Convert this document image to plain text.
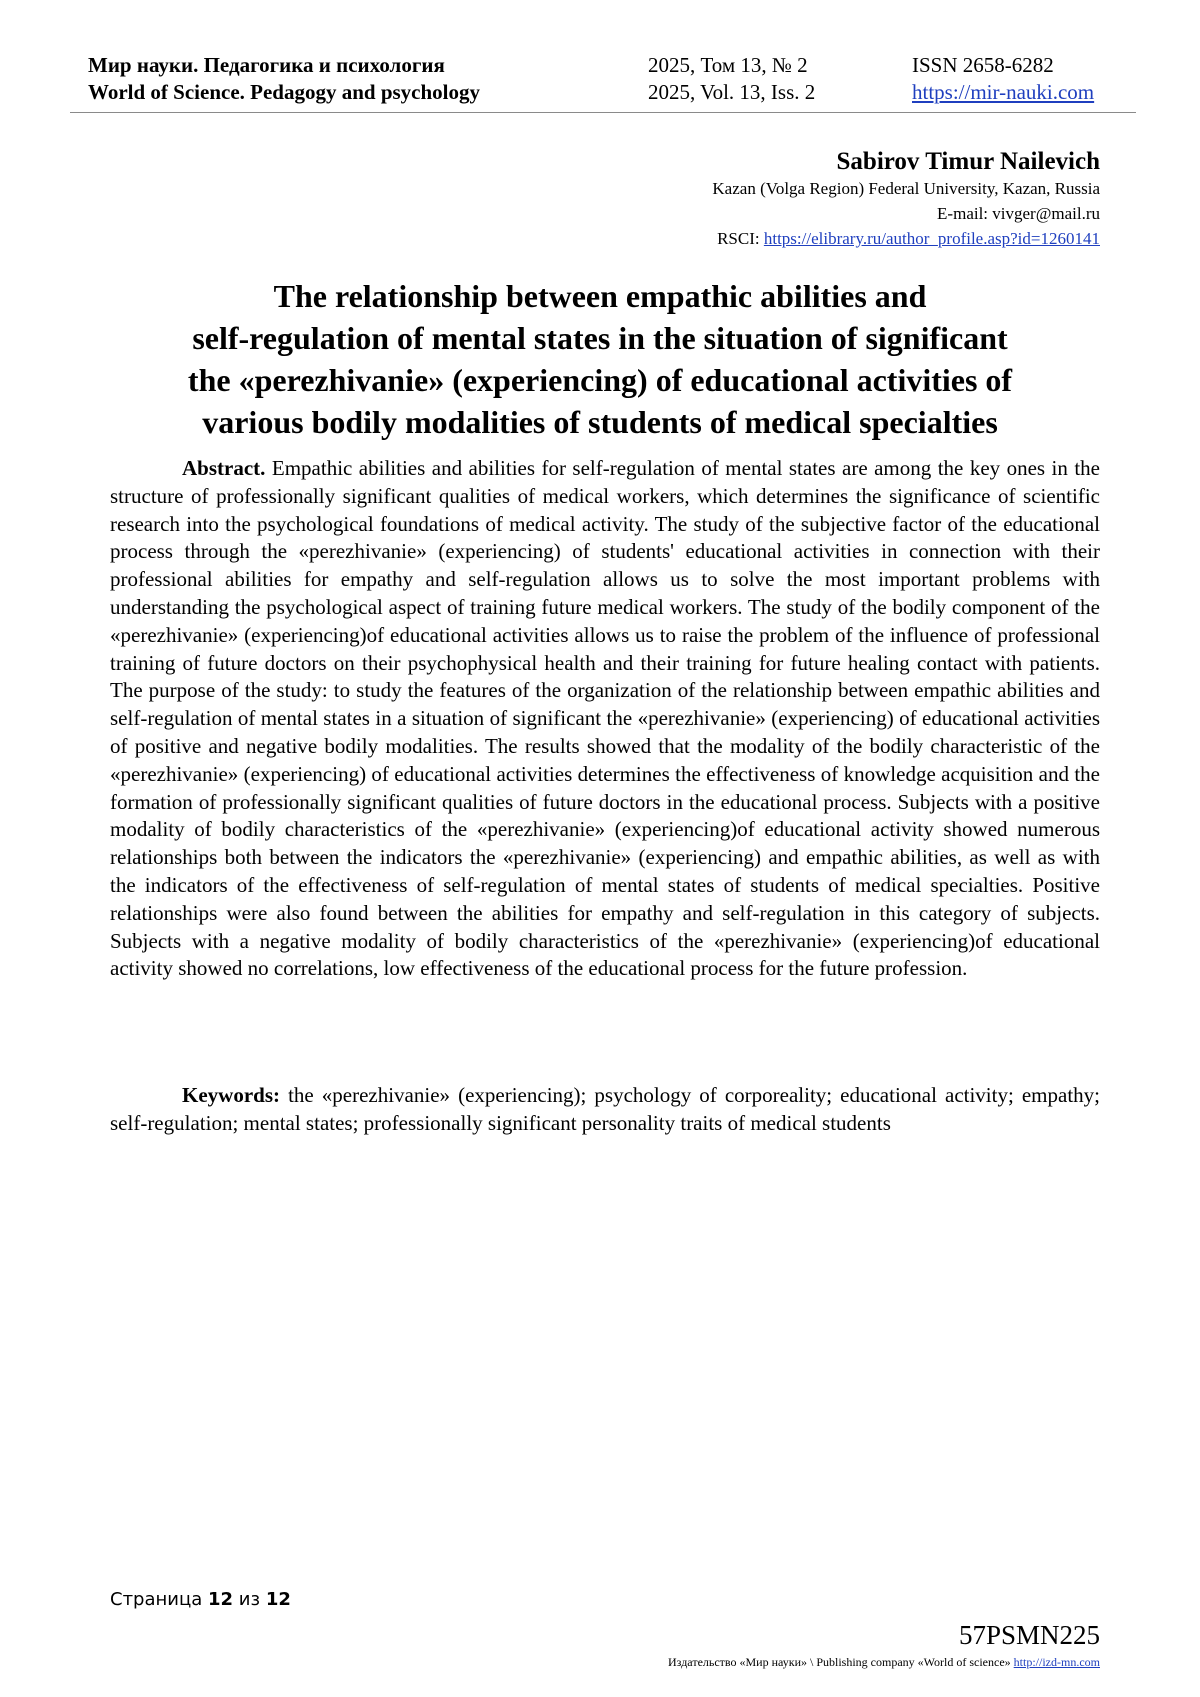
Мир науки. Педагогика и психология
World of Science. Pedagogy and psychology
2025, Том 13, № 2
2025, Vol. 13, Iss. 2
ISSN 2658-6282
https://mir-nauki.com
Sabirov Timur Nailevich
Kazan (Volga Region) Federal University, Kazan, Russia
E-mail: vivger@mail.ru
RSCI: https://elibrary.ru/author_profile.asp?id=1260141
The relationship between empathic abilities and
self-regulation of mental states in the situation of significant
the «perezhivanie» (experiencing) of educational activities of
various bodily modalities of students of medical specialties
Abstract. Empathic abilities and abilities for self-regulation of mental states are among the key ones in the structure of professionally significant qualities of medical workers, which determines the significance of scientific research into the psychological foundations of medical activity. The study of the subjective factor of the educational process through the «perezhivanie» (experiencing) of students' educational activities in connection with their professional abilities for empathy and self-regulation allows us to solve the most important problems with understanding the psychological aspect of training future medical workers. The study of the bodily component of the «perezhivanie» (experiencing)of educational activities allows us to raise the problem of the influence of professional training of future doctors on their psychophysical health and their training for future healing contact with patients. The purpose of the study: to study the features of the organization of the relationship between empathic abilities and self-regulation of mental states in a situation of significant the «perezhivanie» (experiencing) of educational activities of positive and negative bodily modalities. The results showed that the modality of the bodily characteristic of the «perezhivanie» (experiencing) of educational activities determines the effectiveness of knowledge acquisition and the formation of professionally significant qualities of future doctors in the educational process. Subjects with a positive modality of bodily characteristics of the «perezhivanie» (experiencing)of educational activity showed numerous relationships both between the indicators the «perezhivanie» (experiencing) and empathic abilities, as well as with the indicators of the effectiveness of self-regulation of mental states of students of medical specialties. Positive relationships were also found between the abilities for empathy and self-regulation in this category of subjects. Subjects with a negative modality of bodily characteristics of the «perezhivanie» (experiencing)of educational activity showed no correlations, low effectiveness of the educational process for the future profession.
Keywords: the «perezhivanie» (experiencing); psychology of corporeality; educational activity; empathy; self-regulation; mental states; professionally significant personality traits of medical students
Страница 12 из 12
57PSMN225
Издательство «Мир науки» \ Publishing company «World of science» http://izd-mn.com
